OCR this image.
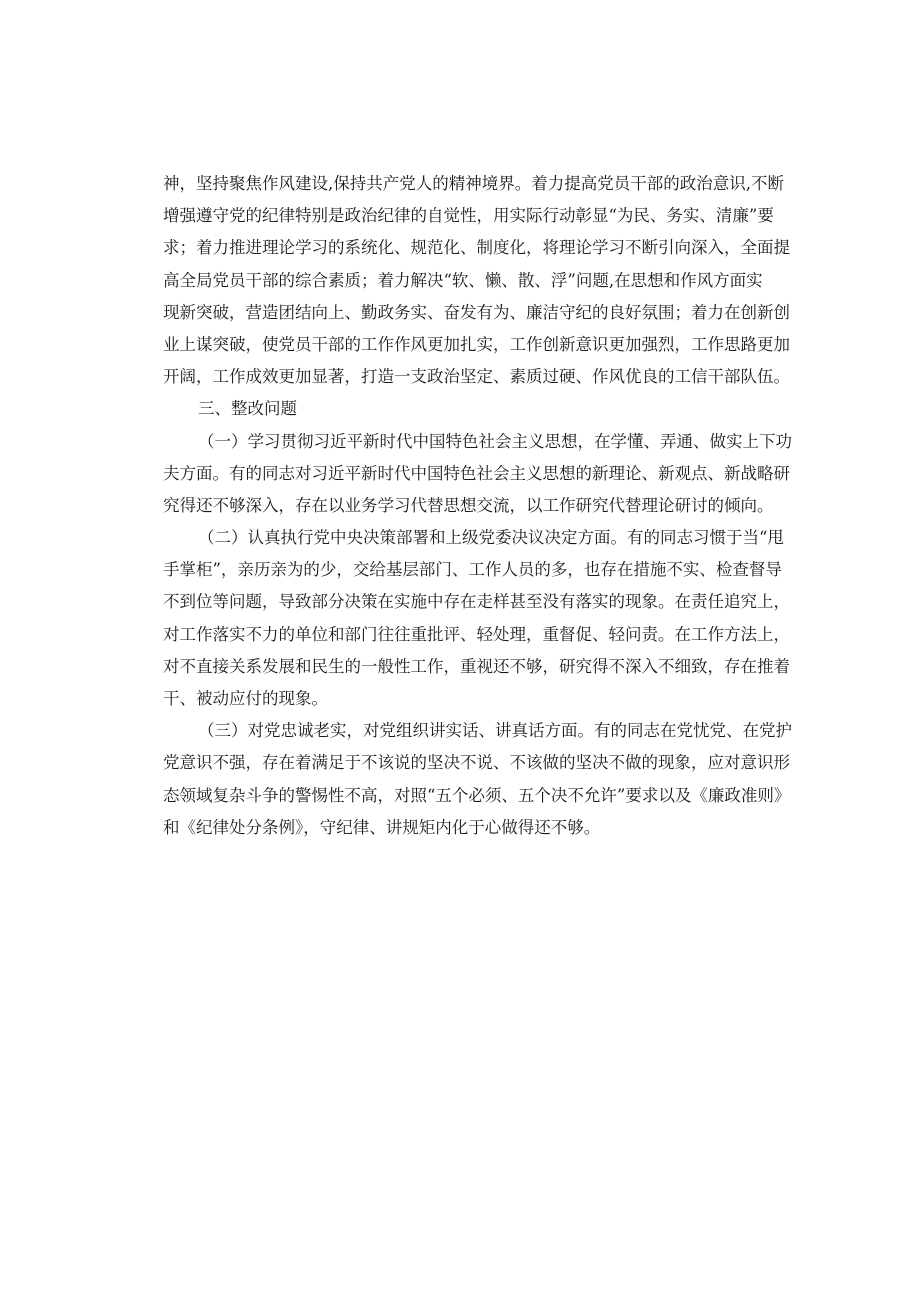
神，坚持聚焦作风建设,保持共产党人的精神境界。着力提高党员干部的政治意识,不断
增强遵守党的纪律特别是政治纪律的自觉性，用实际行动彰显“为民、务实、清廉”要
求；着力推进理论学习的系统化、规范化、制度化，将理论学习不断引向深入，全面提
高全局党员干部的综合素质；着力解决“软、懒、散、浮”问题,在思想和作风方面实
现新突破，营造团结向上、勤政务实、奋发有为、廉洁守纪的良好氛围；着力在创新创
业上谋突破，使党员干部的工作作风更加扎实，工作创新意识更加强烈，工作思路更加
开阔，工作成效更加显著，打造一支政治坚定、素质过硬、作风优良的工信干部队伍。
三、整改问题
（一）学习贯彻习近平新时代中国特色社会主义思想，在学懂、弄通、做实上下功
夫方面。有的同志对习近平新时代中国特色社会主义思想的新理论、新观点、新战略研
究得还不够深入，存在以业务学习代替思想交流，以工作研究代替理论研讨的倾向。
（二）认真执行党中央决策部署和上级党委决议决定方面。有的同志习惯于当“甩
手掌柜”，亲历亲为的少，交给基层部门、工作人员的多，也存在措施不实、检查督导
不到位等问题，导致部分决策在实施中存在走样甚至没有落实的现象。在责任追究上，
对工作落实不力的单位和部门往往重批评、轻处理，重督促、轻问责。在工作方法上，
对不直接关系发展和民生的一般性工作，重视还不够，研究得不深入不细致，存在推着
干、被动应付的现象。
（三）对党忠诚老实，对党组织讲实话、讲真话方面。有的同志在党忧党、在党护
党意识不强，存在着满足于不该说的坚决不说、不该做的坚决不做的现象，应对意识形
态领域复杂斗争的警惕性不高，对照“五个必须、五个决不允许”要求以及《廉政准则》
和《纪律处分条例》，守纪律、讲规矩内化于心做得还不够。
